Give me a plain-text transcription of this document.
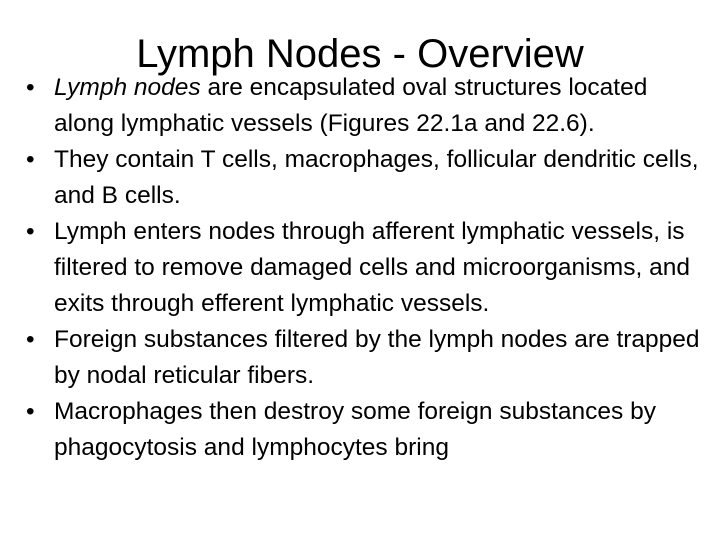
Lymph Nodes - Overview
• Lymph nodes are encapsulated oval structures located along lymphatic vessels (Figures 22.1a and 22.6).
• They contain T cells, macrophages, follicular dendritic cells, and B cells.
• Lymph enters nodes through afferent lymphatic vessels, is filtered to remove damaged cells and microorganisms, and exits through efferent lymphatic vessels.
• Foreign substances filtered by the lymph nodes are trapped by nodal reticular fibers.
• Macrophages then destroy some foreign substances by phagocytosis and lymphocytes bring
